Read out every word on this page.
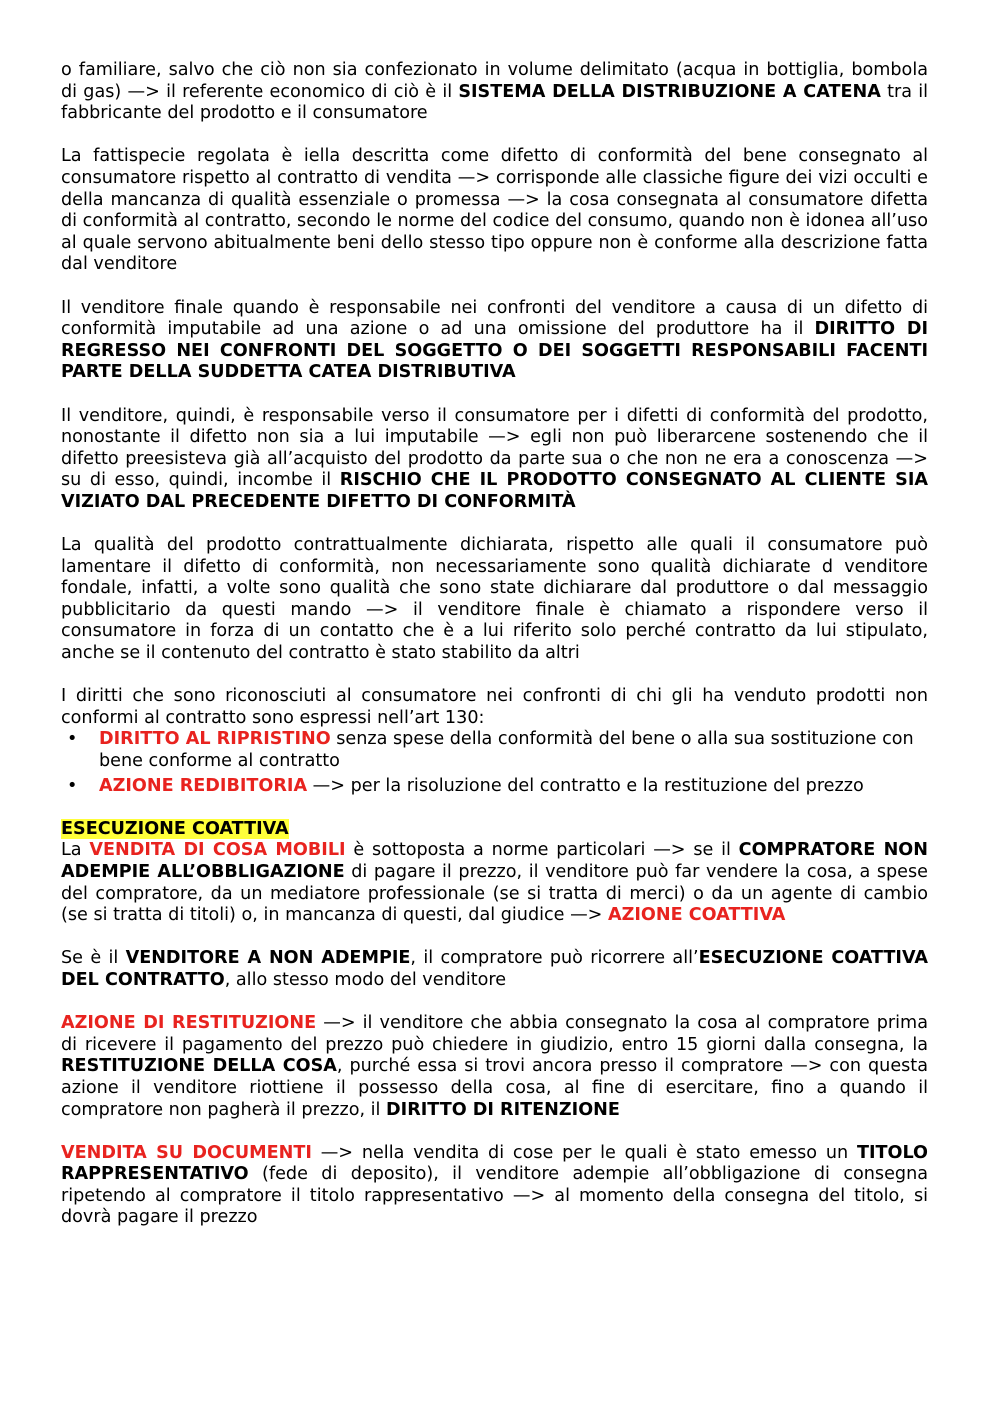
o familiare, salvo che ciò non sia confezionato in volume delimitato (acqua in bottiglia, bombola di gas) —> il referente economico di ciò è il SISTEMA DELLA DISTRIBUZIONE A CATENA tra il fabbricante del prodotto e il consumatore

La fattispecie regolata è iella descritta come difetto di conformità del bene consegnato al consumatore rispetto al contratto di vendita —> corrisponde alle classiche figure dei vizi occulti e della mancanza di qualità essenziale o promessa —> la cosa consegnata al consumatore difetta di conformità al contratto, secondo le norme del codice del consumo, quando non è idonea all’uso al quale servono abitualmente beni dello stesso tipo oppure non è conforme alla descrizione fatta dal venditore

Il venditore finale quando è responsabile nei confronti del venditore a causa di un difetto di conformità imputabile ad una azione o ad una omissione del produttore ha il DIRITTO DI REGRESSO NEI CONFRONTI DEL SOGGETTO O DEI SOGGETTI RESPONSABILI FACENTI PARTE DELLA SUDDETTA CATEA DISTRIBUTIVA

Il venditore, quindi, è responsabile verso il consumatore per i difetti di conformità del prodotto, nonostante il difetto non sia a lui imputabile —> egli non può liberarcene sostenendo che il difetto preesisteva già all’acquisto del prodotto da parte sua o che non ne era a conoscenza —> su di esso, quindi, incombe il RISCHIO CHE IL PRODOTTO CONSEGNATO AL CLIENTE SIA VIZIATO DAL PRECEDENTE DIFETTO DI CONFORMITÀ

La qualità del prodotto contrattualmente dichiarata, rispetto alle quali il consumatore può lamentare il difetto di conformità, non necessariamente sono qualità dichiarate d venditore fondale, infatti, a volte sono qualità che sono state dichiarare dal produttore o dal messaggio pubblicitario da questi mando —> il venditore finale è chiamato a rispondere verso il consumatore in forza di un contatto che è a lui riferito solo perché contratto da lui stipulato, anche se il contenuto del contratto è stato stabilito da altri

I diritti che sono riconosciuti al consumatore nei confronti di chi gli ha venduto prodotti non conformi al contratto sono espressi nell’art 130:

• DIRITTO AL RIPRISTINO senza spese della conformità del bene o alla sua sostituzione con bene conforme al contratto
• AZIONE REDIBITORIA —> per la risoluzione del contratto e la restituzione del prezzo
ESECUZIONE COATTIVA

La VENDITA DI COSA MOBILI è sottoposta a norme particolari —> se il COMPRATORE NON ADEMPIE ALL’OBBLIGAZIONE di pagare il prezzo, il venditore può far vendere la cosa, a spese del compratore, da un mediatore professionale (se si tratta di merci) o da un agente di cambio (se si tratta di titoli) o, in mancanza di questi, dal giudice —> AZIONE COATTIVA

Se è il VENDITORE A NON ADEMPIE, il compratore può ricorrere all’ESECUZIONE COATTIVA DEL CONTRATTO, allo stesso modo del venditore

AZIONE DI RESTITUZIONE —> il venditore che abbia consegnato la cosa al compratore prima di ricevere il pagamento del prezzo può chiedere in giudizio, entro 15 giorni dalla consegna, la RESTITUZIONE DELLA COSA, purché essa si trovi ancora presso il compratore —> con questa azione il venditore riottiene il possesso della cosa, al fine di esercitare, fino a quando il compratore non pagherà il prezzo, il DIRITTO DI RITENZIONE

VENDITA SU DOCUMENTI —> nella vendita di cose per le quali è stato emesso un TITOLO RAPPRESENTATIVO (fede di deposito), il venditore adempie all’obbligazione di consegna ripetendo al compratore il titolo rappresentativo —> al momento della consegna del titolo, si dovrà pagare il prezzo
